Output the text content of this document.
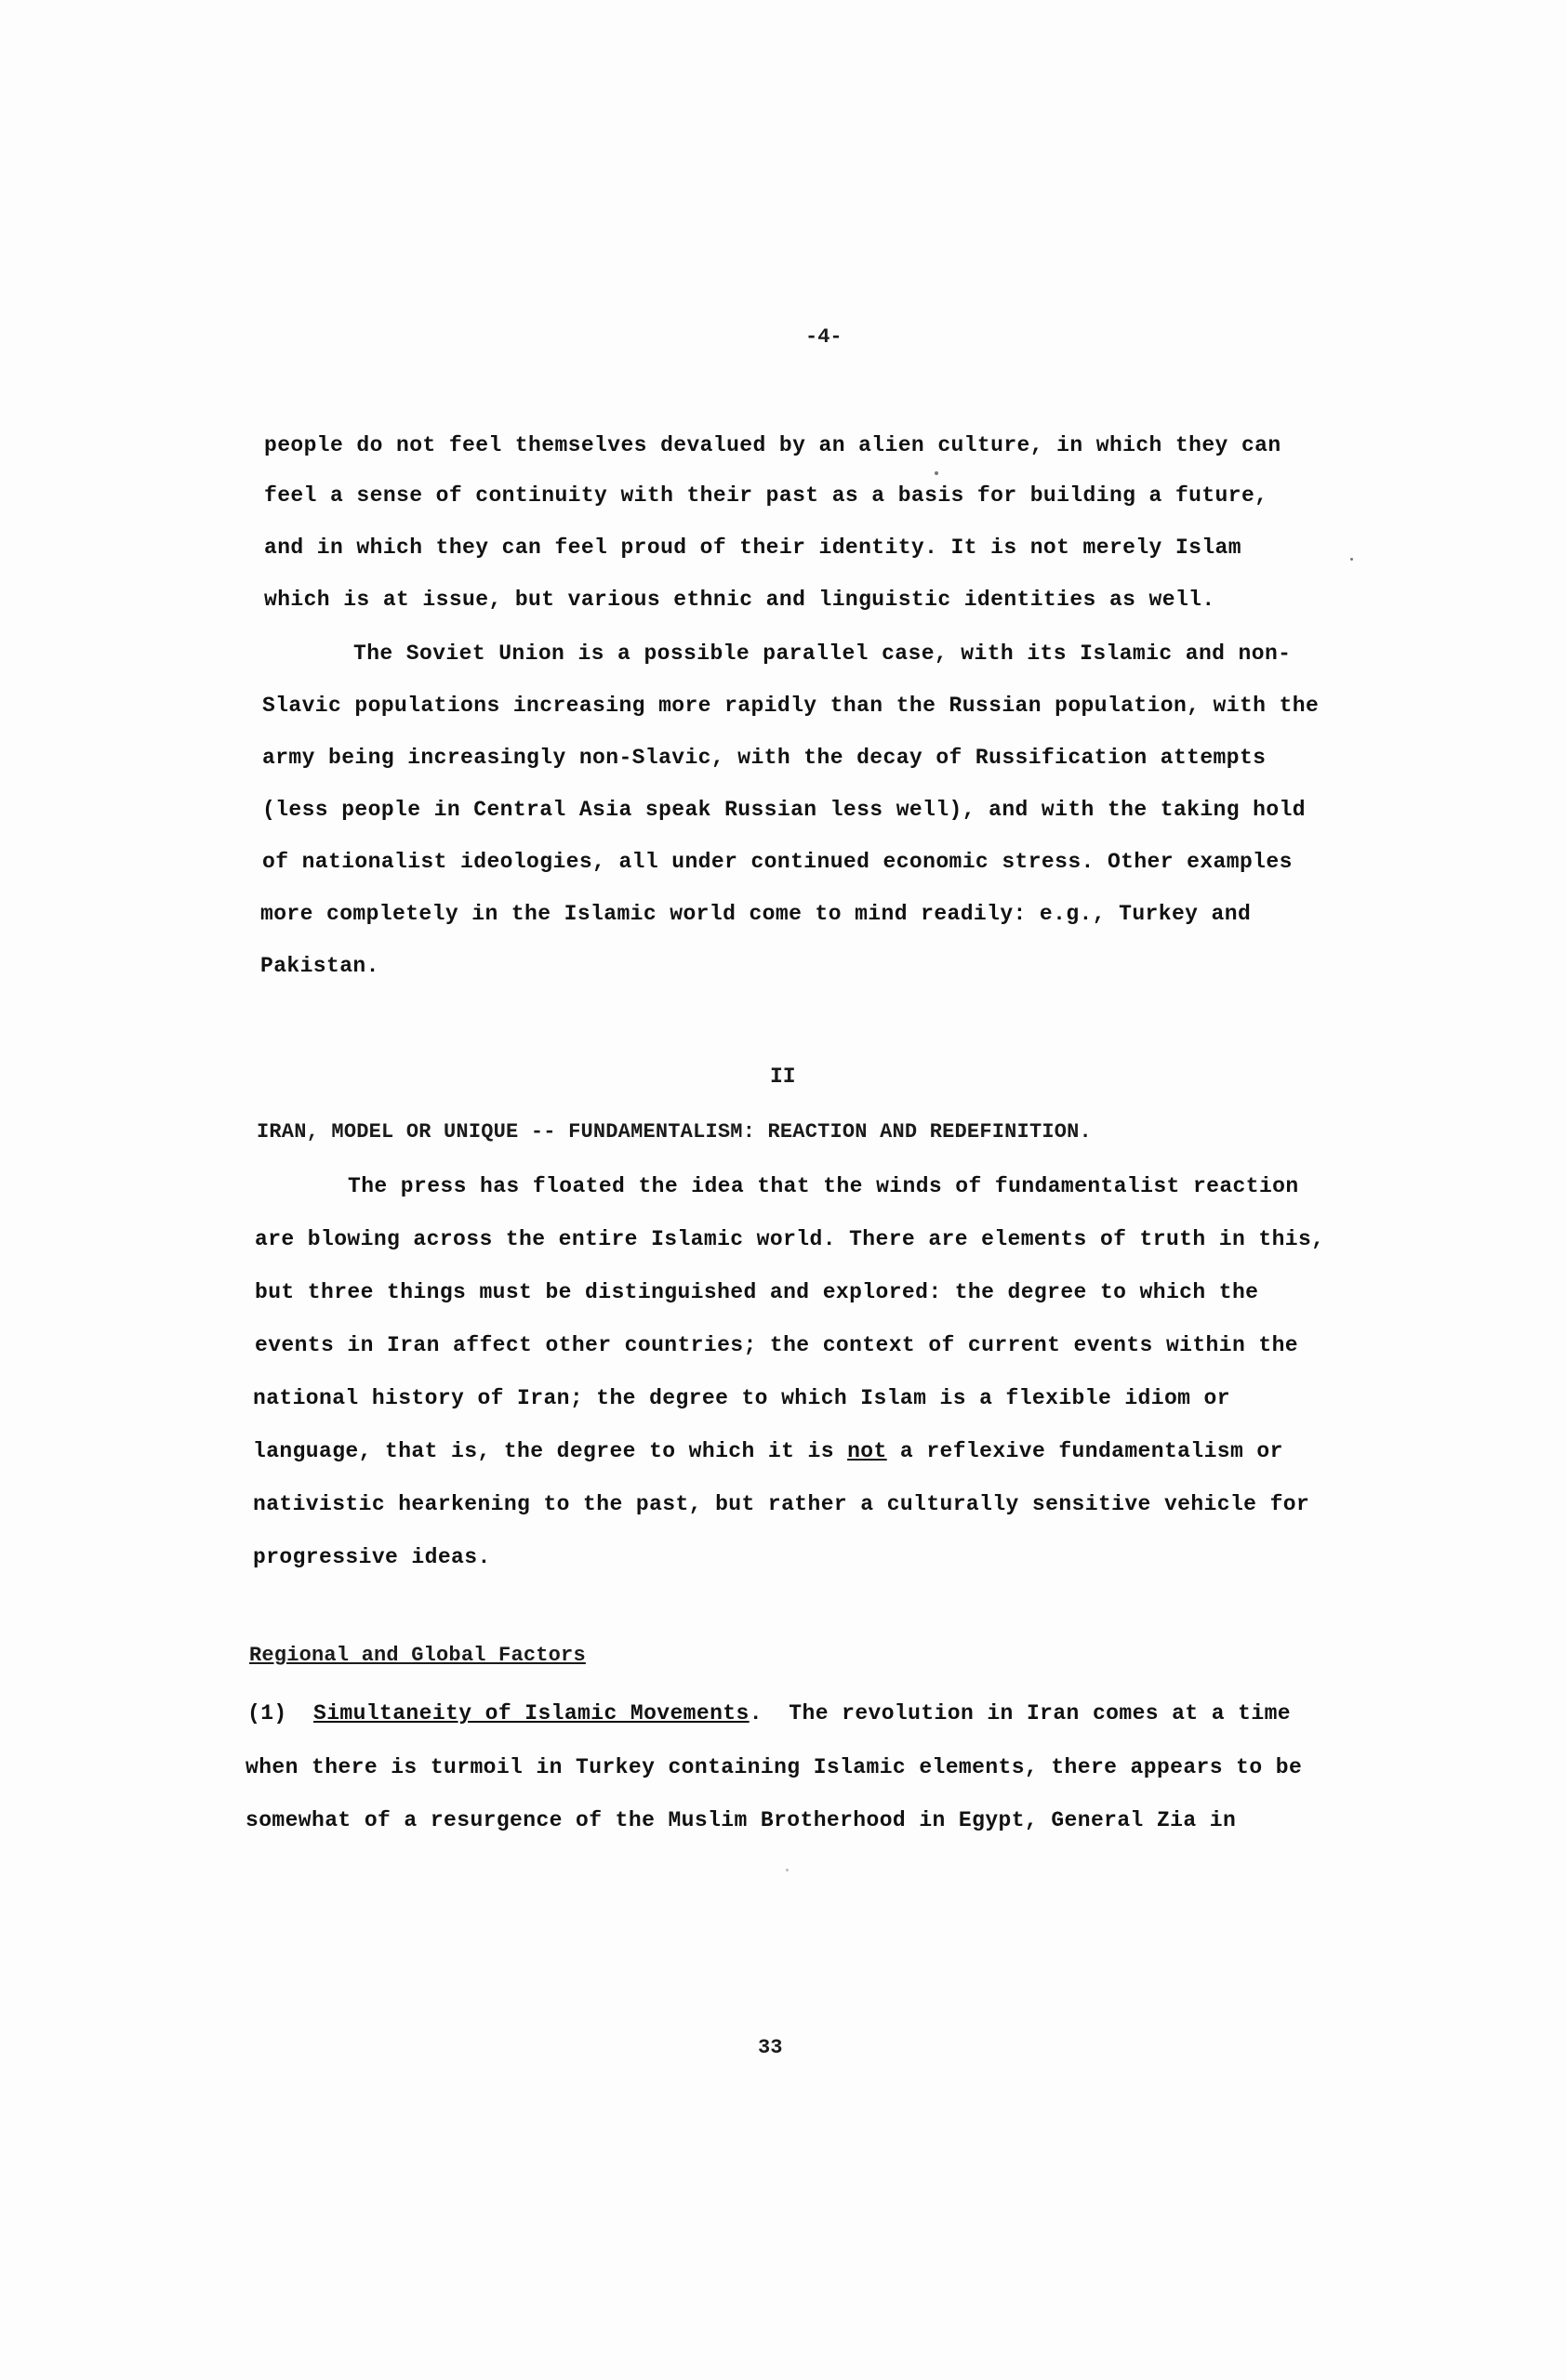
-4-
people do not feel themselves devalued by an alien culture, in which they can
feel a sense of continuity with their past as a basis for building a future,
and in which they can feel proud of their identity. It is not merely Islam
which is at issue, but various ethnic and linguistic identities as well.
The Soviet Union is a possible parallel case, with its Islamic and non-
Slavic populations increasing more rapidly than the Russian population, with the
army being increasingly non-Slavic, with the decay of Russification attempts
(less people in Central Asia speak Russian less well), and with the taking hold
of nationalist ideologies, all under continued economic stress. Other examples
more completely in the Islamic world come to mind readily: e.g., Turkey and
Pakistan.
II
IRAN, MODEL OR UNIQUE -- FUNDAMENTALISM: REACTION AND REDEFINITION.
The press has floated the idea that the winds of fundamentalist reaction
are blowing across the entire Islamic world. There are elements of truth in this,
but three things must be distinguished and explored: the degree to which the
events in Iran affect other countries; the context of current events within the
national history of Iran; the degree to which Islam is a flexible idiom or
language, that is, the degree to which it is not a reflexive fundamentalism or
nativistic hearkening to the past, but rather a culturally sensitive vehicle for
progressive ideas.
Regional and Global Factors
(1) Simultaneity of Islamic Movements.  The revolution in Iran comes at a time
when there is turmoil in Turkey containing Islamic elements, there appears to be
somewhat of a resurgence of the Muslim Brotherhood in Egypt, General Zia in
33
